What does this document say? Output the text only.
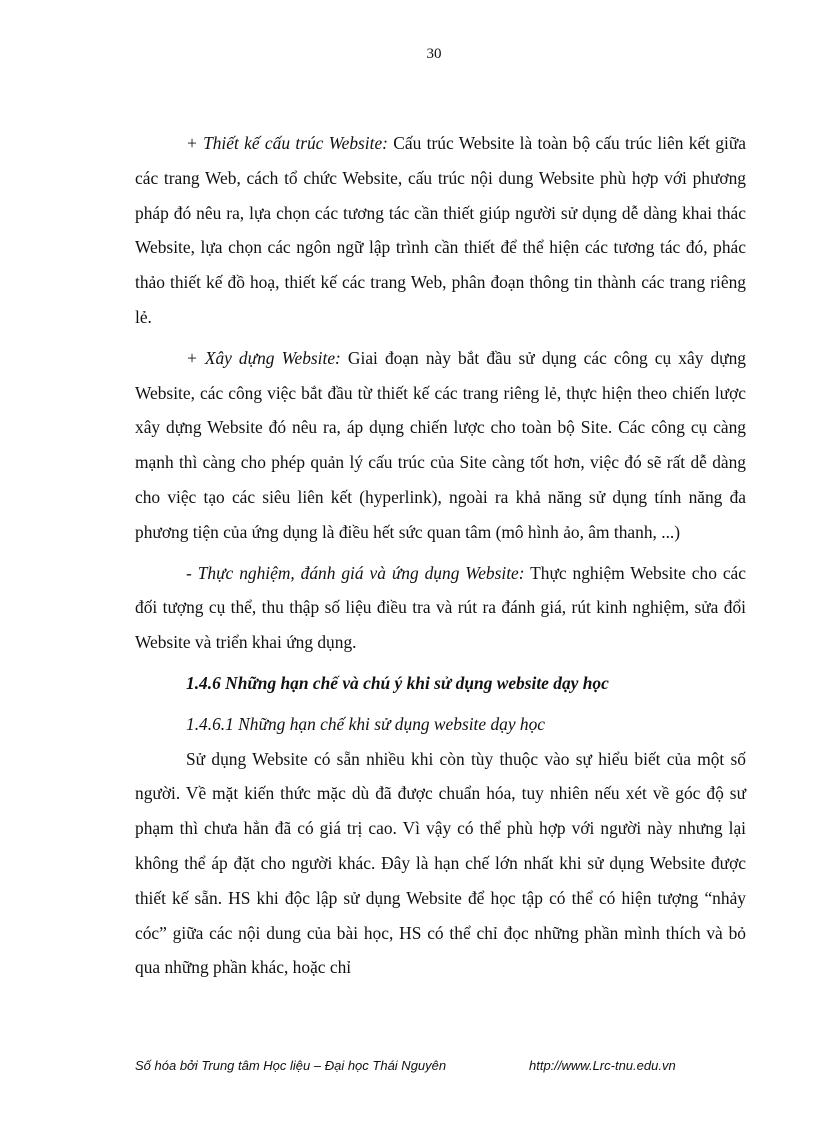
30

+ Thiết kế cấu trúc Website: Cấu trúc Website là toàn bộ cấu trúc liên kết giữa các trang Web, cách tổ chức Website, cấu trúc nội dung Website phù hợp với phương pháp đó nêu ra, lựa chọn các tương tác cần thiết giúp người sử dụng dễ dàng khai thác Website, lựa chọn các ngôn ngữ lập trình cần thiết để thể hiện các tương tác đó, phác thảo thiết kế đồ hoạ, thiết kế các trang Web, phân đoạn thông tin thành các trang riêng lẻ.

+ Xây dựng Website: Giai đoạn này bắt đầu sử dụng các công cụ xây dựng Website, các công việc bắt đầu từ thiết kế các trang riêng lẻ, thực hiện theo chiến lược xây dựng Website đó nêu ra, áp dụng chiến lược cho toàn bộ Site. Các công cụ càng mạnh thì càng cho phép quản lý cấu trúc của Site càng tốt hơn, việc đó sẽ rất dễ dàng cho việc tạo các siêu liên kết (hyperlink), ngoài ra khả năng sử dụng tính năng đa phương tiện của ứng dụng là điều hết sức quan tâm (mô hình ảo, âm thanh, ...)

- Thực nghiệm, đánh giá và ứng dụng Website: Thực nghiệm Website cho các đối tượng cụ thể, thu thập số liệu điều tra và rút ra đánh giá, rút kinh nghiệm, sửa đổi Website và triển khai ứng dụng.

1.4.6 Những hạn chế và chú ý khi sử dụng website dạy học

1.4.6.1 Những hạn chế khi sử dụng website dạy học

Sử dụng Website có sẵn nhiều khi còn tùy thuộc vào sự hiểu biết của một số người. Về mặt kiến thức mặc dù đã được chuẩn hóa, tuy nhiên nếu xét về góc độ sư phạm thì chưa hẳn đã có giá trị cao. Vì vậy có thể phù hợp với người này nhưng lại không thể áp đặt cho người khác. Đây là hạn chế lớn nhất khi sử dụng Website được thiết kế sẵn. HS khi độc lập sử dụng Website để học tập có thể có hiện tượng “nhảy cóc” giữa các nội dung của bài học, HS có thể chỉ đọc những phần mình thích và bỏ qua những phần khác, hoặc chỉ

Số hóa bởi Trung tâm Học liệu – Đại học Thái Nguyên	http://www.Lrc-tnu.edu.vn
